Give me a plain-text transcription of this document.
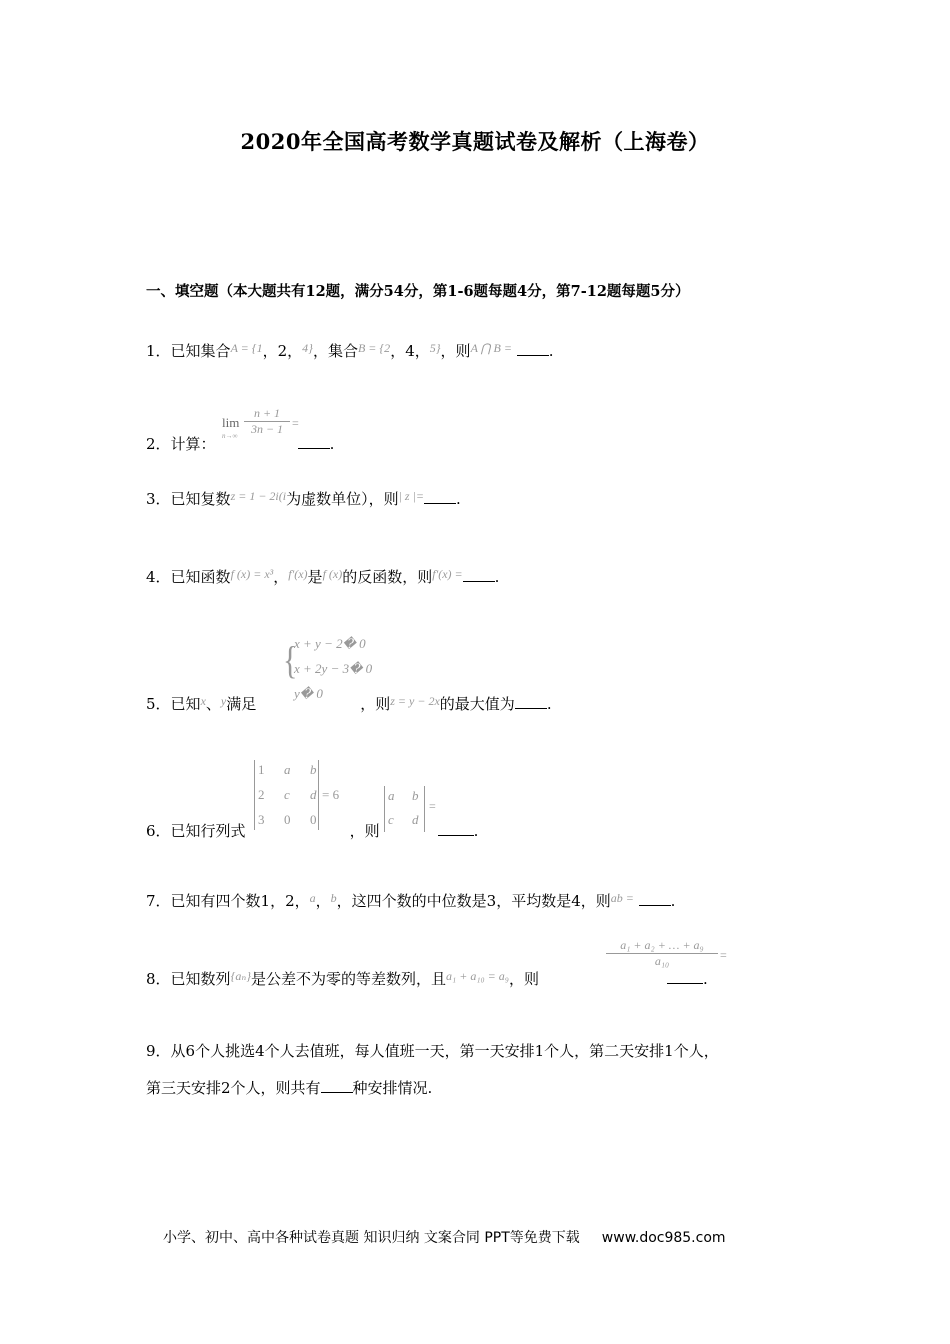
2020年全国高考数学真题试卷及解析（上海卷）
一、填空题（本大题共有12题，满分54分，第1-6题每题4分，第7-12题每题5分）
1．已知集合$^{A = \{1}$，2，$^{4\}}$，集合$^{B = \{2}$，4，$^{5\}}$，则$^{A ⋂ B =}$ .
2．计算：	.
lim
$n\to\infty \frac{n + 1}{3n - 1}$ =
3．已知复数$^{z = 1 - 2i(i}$为虚数单位），则$^{| z |=}$ .
4．已知函数$^{f (x) = x^3}$，$^{f'(x)}$是$^{f (x)}$的反函数，则$^{f'(x) =}$ .
5．已知$^x$、$^y$满足	，则$^{z = y - 2x}$的最大值为 .
{
x + y − 2� 0
x + 2y − 3� 0
y� 0
6．已知行列式	，则	.
1 a b
2 c d
3 0 0
= 6	a b
c d
=
7．已知有四个数1，2，$^a$，$^b$，这四个数的中位数是3，平均数是4，则$^{ab =}$ .
8．已知数列$^{\{a_n\}}$是公差不为零的等差数列，且$^{a_1 + a_{10} = a_9}$，则	.
$\frac{\text{a₁ + a₂ + … + a₉}}{\text{a₁₀}}$ =
9．从6个人挑选4个人去值班，每人值班一天，第一天安排1个人，第二天安排1个人，
第三天安排2个人，则共有 种安排情况.
小学、初中、高中各种试卷真题 知识归纳 文案合同 PPT等免费下载 www.doc985.com
